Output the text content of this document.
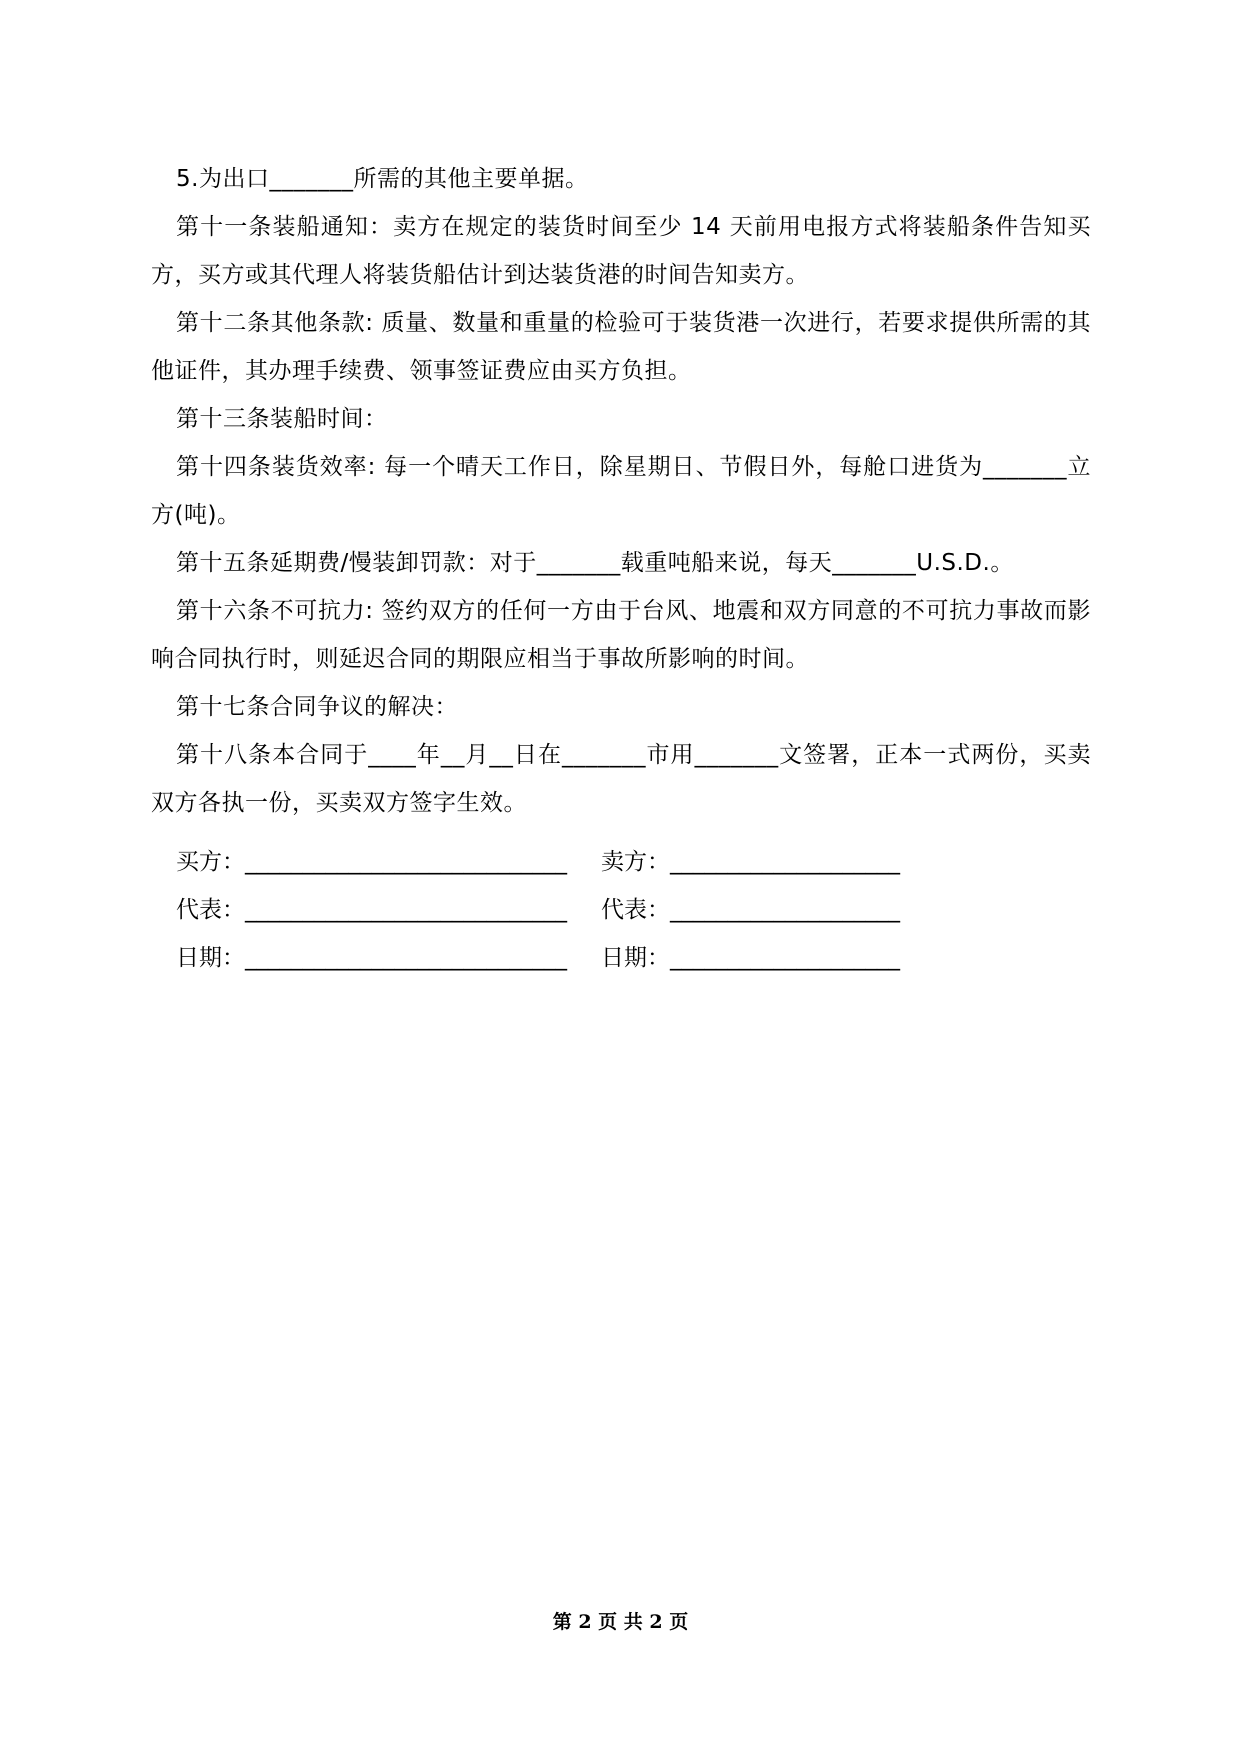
5.为出口_______所需的其他主要单据。

第十一条装船通知：卖方在规定的装货时间至少 14 天前用电报方式将装船条件告知买方，买方或其代理人将装货船估计到达装货港的时间告知卖方。

第十二条其他条款: 质量、数量和重量的检验可于装货港一次进行，若要求提供所需的其他证件，其办理手续费、领事签证费应由买方负担。

第十三条装船时间：

第十四条装货效率: 每一个晴天工作日，除星期日、节假日外，每舱口进货为_______立方(吨)。

第十五条延期费/慢装卸罚款：对于_______载重吨船来说，每天_______U.S.D.。

第十六条不可抗力: 签约双方的任何一方由于台风、地震和双方同意的不可抗力事故而影响合同执行时，则延迟合同的期限应相当于事故所影响的时间。

第十七条合同争议的解决：

第十八条本合同于____年__月__日在_______市用_______文签署，正本一式两份，买卖双方各执一份，买卖双方签字生效。

买方：____________________________	卖方：____________________
代表：____________________________	代表：____________________
日期：____________________________	日期：____________________
第 2 页 共 2 页
